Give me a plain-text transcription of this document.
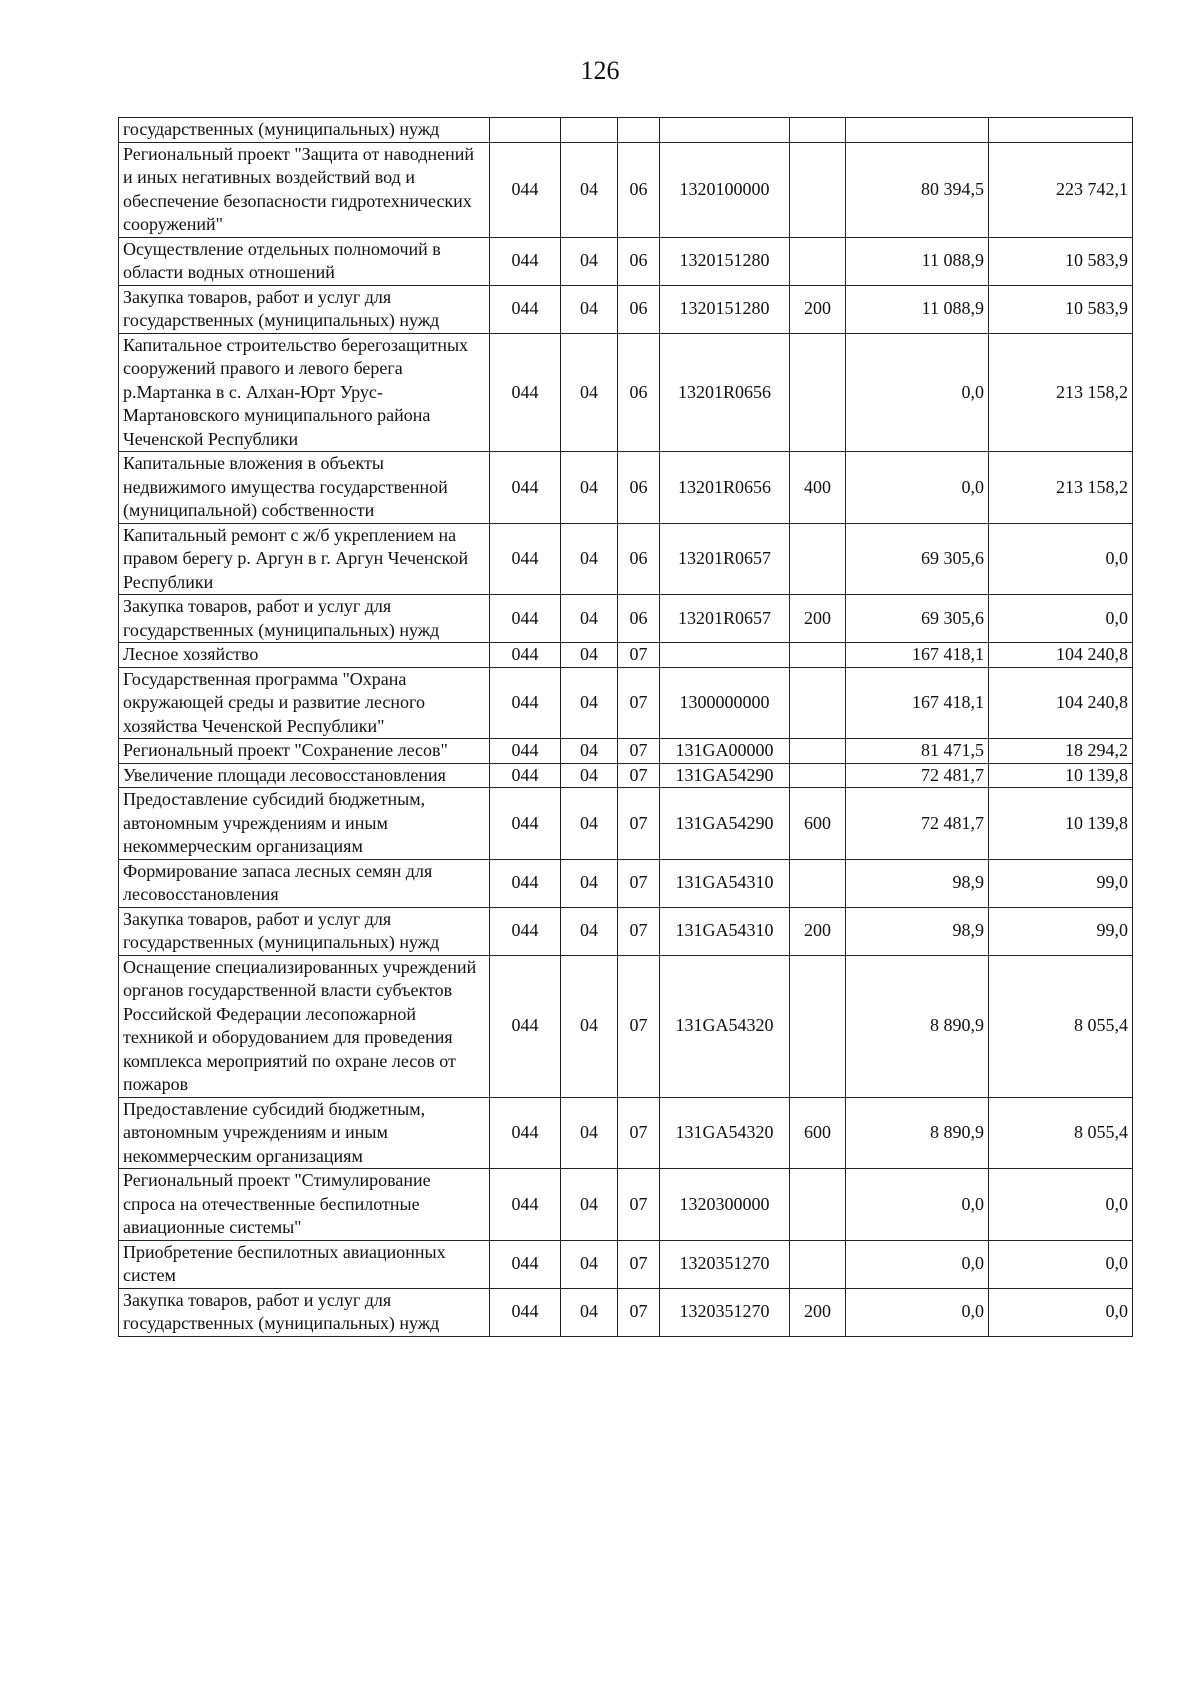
126
государственных (муниципальных) нужд							
Региональный проект "Защита от наводнений и иных негативных воздействий вод и обеспечение безопасности гидротехнических сооружений"	044	04	06	1320100000		80 394,5	223 742,1
Осуществление отдельных полномочий в области водных отношений	044	04	06	1320151280		11 088,9	10 583,9
Закупка товаров, работ и услуг для государственных (муниципальных) нужд	044	04	06	1320151280	200	11 088,9	10 583,9
Капитальное строительство берегозащитных сооружений правого и левого берега р.Мартанка в с. Алхан-Юрт Урус-Мартановского муниципального района Чеченской Республики	044	04	06	13201R0656		0,0	213 158,2
Капитальные вложения в объекты недвижимого имущества государственной (муниципальной) собственности	044	04	06	13201R0656	400	0,0	213 158,2
Капитальный ремонт с ж/б укреплением на правом берегу р. Аргун в г. Аргун Чеченской Республики	044	04	06	13201R0657		69 305,6	0,0
Закупка товаров, работ и услуг для государственных (муниципальных) нужд	044	04	06	13201R0657	200	69 305,6	0,0
Лесное хозяйство	044	04	07			167 418,1	104 240,8
Государственная программа "Охрана окружающей среды и развитие лесного хозяйства Чеченской Республики"	044	04	07	1300000000		167 418,1	104 240,8
Региональный проект "Сохранение лесов"	044	04	07	131GA00000		81 471,5	18 294,2
Увеличение площади лесовосстановления	044	04	07	131GA54290		72 481,7	10 139,8
Предоставление субсидий бюджетным, автономным учреждениям и иным некоммерческим организациям	044	04	07	131GA54290	600	72 481,7	10 139,8
Формирование запаса лесных семян для лесовосстановления	044	04	07	131GA54310		98,9	99,0
Закупка товаров, работ и услуг для государственных (муниципальных) нужд	044	04	07	131GA54310	200	98,9	99,0
Оснащение специализированных учреждений органов государственной власти субъектов Российской Федерации лесопожарной техникой и оборудованием для проведения комплекса мероприятий по охране лесов от пожаров	044	04	07	131GA54320		8 890,9	8 055,4
Предоставление субсидий бюджетным, автономным учреждениям и иным некоммерческим организациям	044	04	07	131GA54320	600	8 890,9	8 055,4
Региональный проект "Стимулирование спроса на отечественные беспилотные авиационные системы"	044	04	07	1320300000		0,0	0,0
Приобретение беспилотных авиационных систем	044	04	07	1320351270		0,0	0,0
Закупка товаров, работ и услуг для государственных (муниципальных) нужд	044	04	07	1320351270	200	0,0	0,0
